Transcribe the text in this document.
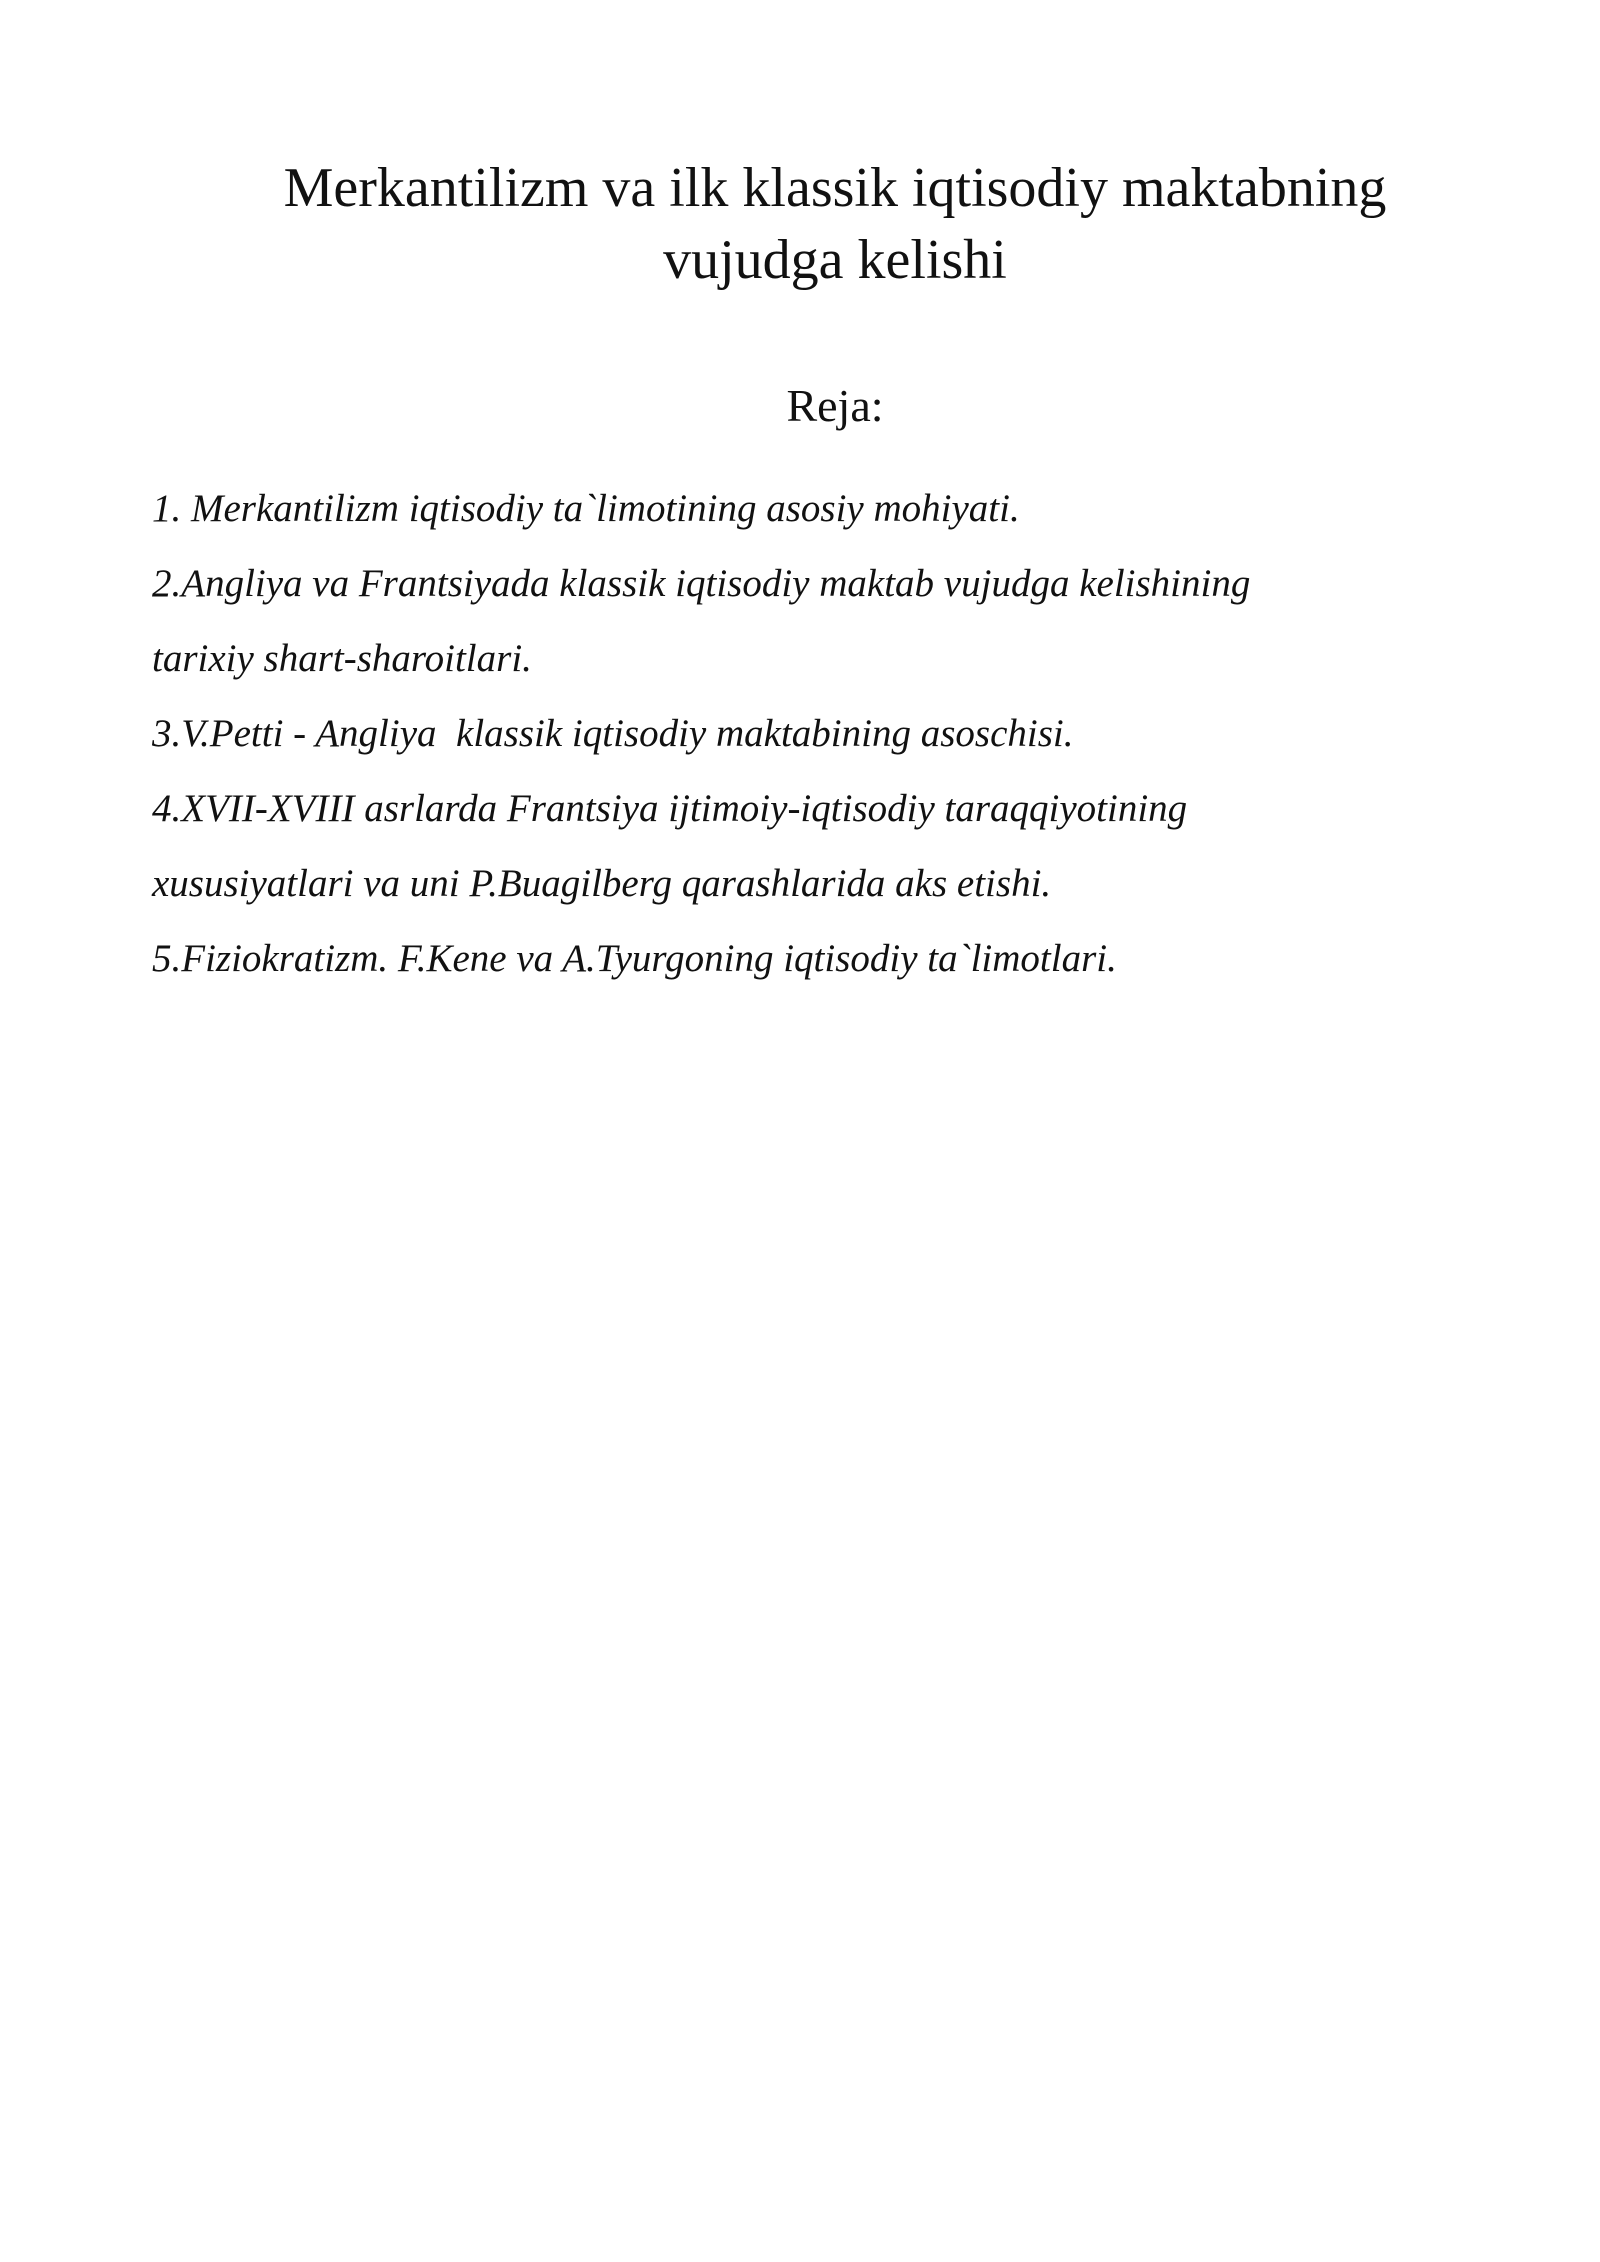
Merkantilizm va ilk klassik iqtisodiy maktabning
vujudga kelishi
Reja:
1. Merkantilizm iqtisodiy ta`limotining asosiy mohiyati.
2.Angliya va Frantsiyada klassik iqtisodiy maktab vujudga kelishining
tarixiy shart-sharoitlari.
3.V.Petti - Angliya  klassik iqtisodiy maktabining asoschisi.
4.XVII-XVIII asrlarda Frantsiya ijtimoiy-iqtisodiy taraqqiyotining
xususiyatlari va uni P.Buagilberg qarashlarida aks etishi.
5.Fiziokratizm. F.Kene va A.Tyurgoning iqtisodiy ta`limotlari.
